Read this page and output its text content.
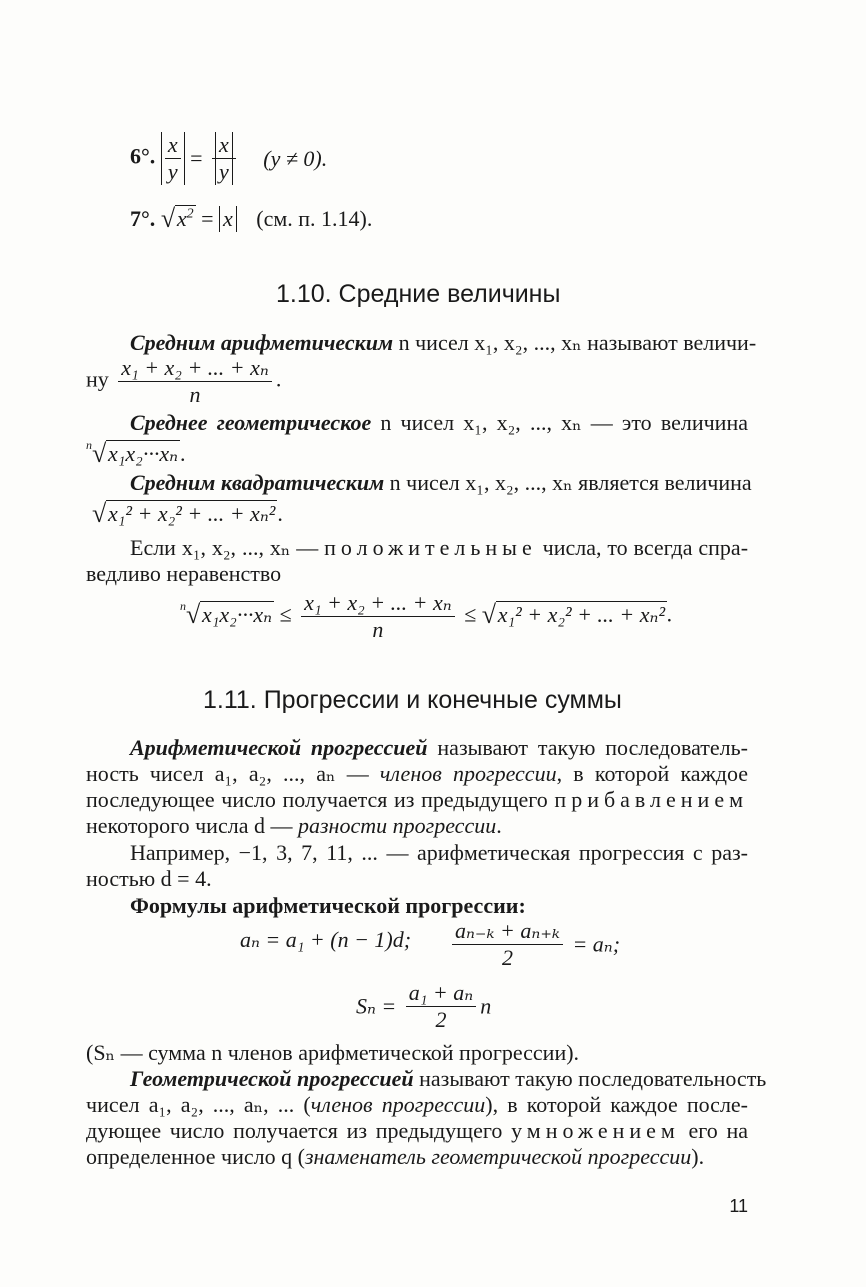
6°. $\frac{x}{y} = \frac{x}{y} (y \ne 0)$.
7°. √ $x^2 = x$ (см. п. 1.14).
1.10. Средние величины
Средним арифметическим n чисел x₁, x₂, ..., xₙ называют величи-
ну $\frac{\text{x₁ + x₂ + ... + xₙ}}{n}$ .
Среднее геометрическое n чисел x₁, x₂, ..., xₙ — это величина
n √ x₁x₂···xₙ.
Средним квадратическим n чисел x₁, x₂, ..., xₙ является величина
√ x₁² + x₂² + ... + xₙ².
Если x₁, x₂, ..., xₙ — положительные числа, то всегда спра-
ведливо неравенство
n √ $x_1x_2\cdot\cdot\cdot x_n \le \frac{\text{x₁ + x₂ + ... + xₙ}}{n}$ ≤ √ x₁² + x₂² + ... + xₙ².
1.11. Прогрессии и конечные суммы
Арифметической прогрессией называют такую последователь-
ность чисел a₁, a₂, ..., aₙ — членов прогрессии, в которой каждое
последующее число получается из предыдущего прибавлением
некоторого числа d — разности прогрессии.
Например, −1, 3, 7, 11, ... — арифметическая прогрессия с раз-
ностью d = 4.
Формулы арифметической прогрессии:
aₙ = a₁ + (n − 1)d; $\frac{\text{aₙ₋ₖ + aₙ₊ₖ}}{2} = a_n$;
$S_n = \frac{\text{a₁ + aₙ}}{2}$ n
(Sₙ — сумма n членов арифметической прогрессии).
Геометрической прогрессией называют такую последовательность
чисел a₁, a₂, ..., aₙ, ... (членов прогрессии), в которой каждое после-
дующее число получается из предыдущего умножением его на
определенное число q (знаменатель геометрической прогрессии).
11
